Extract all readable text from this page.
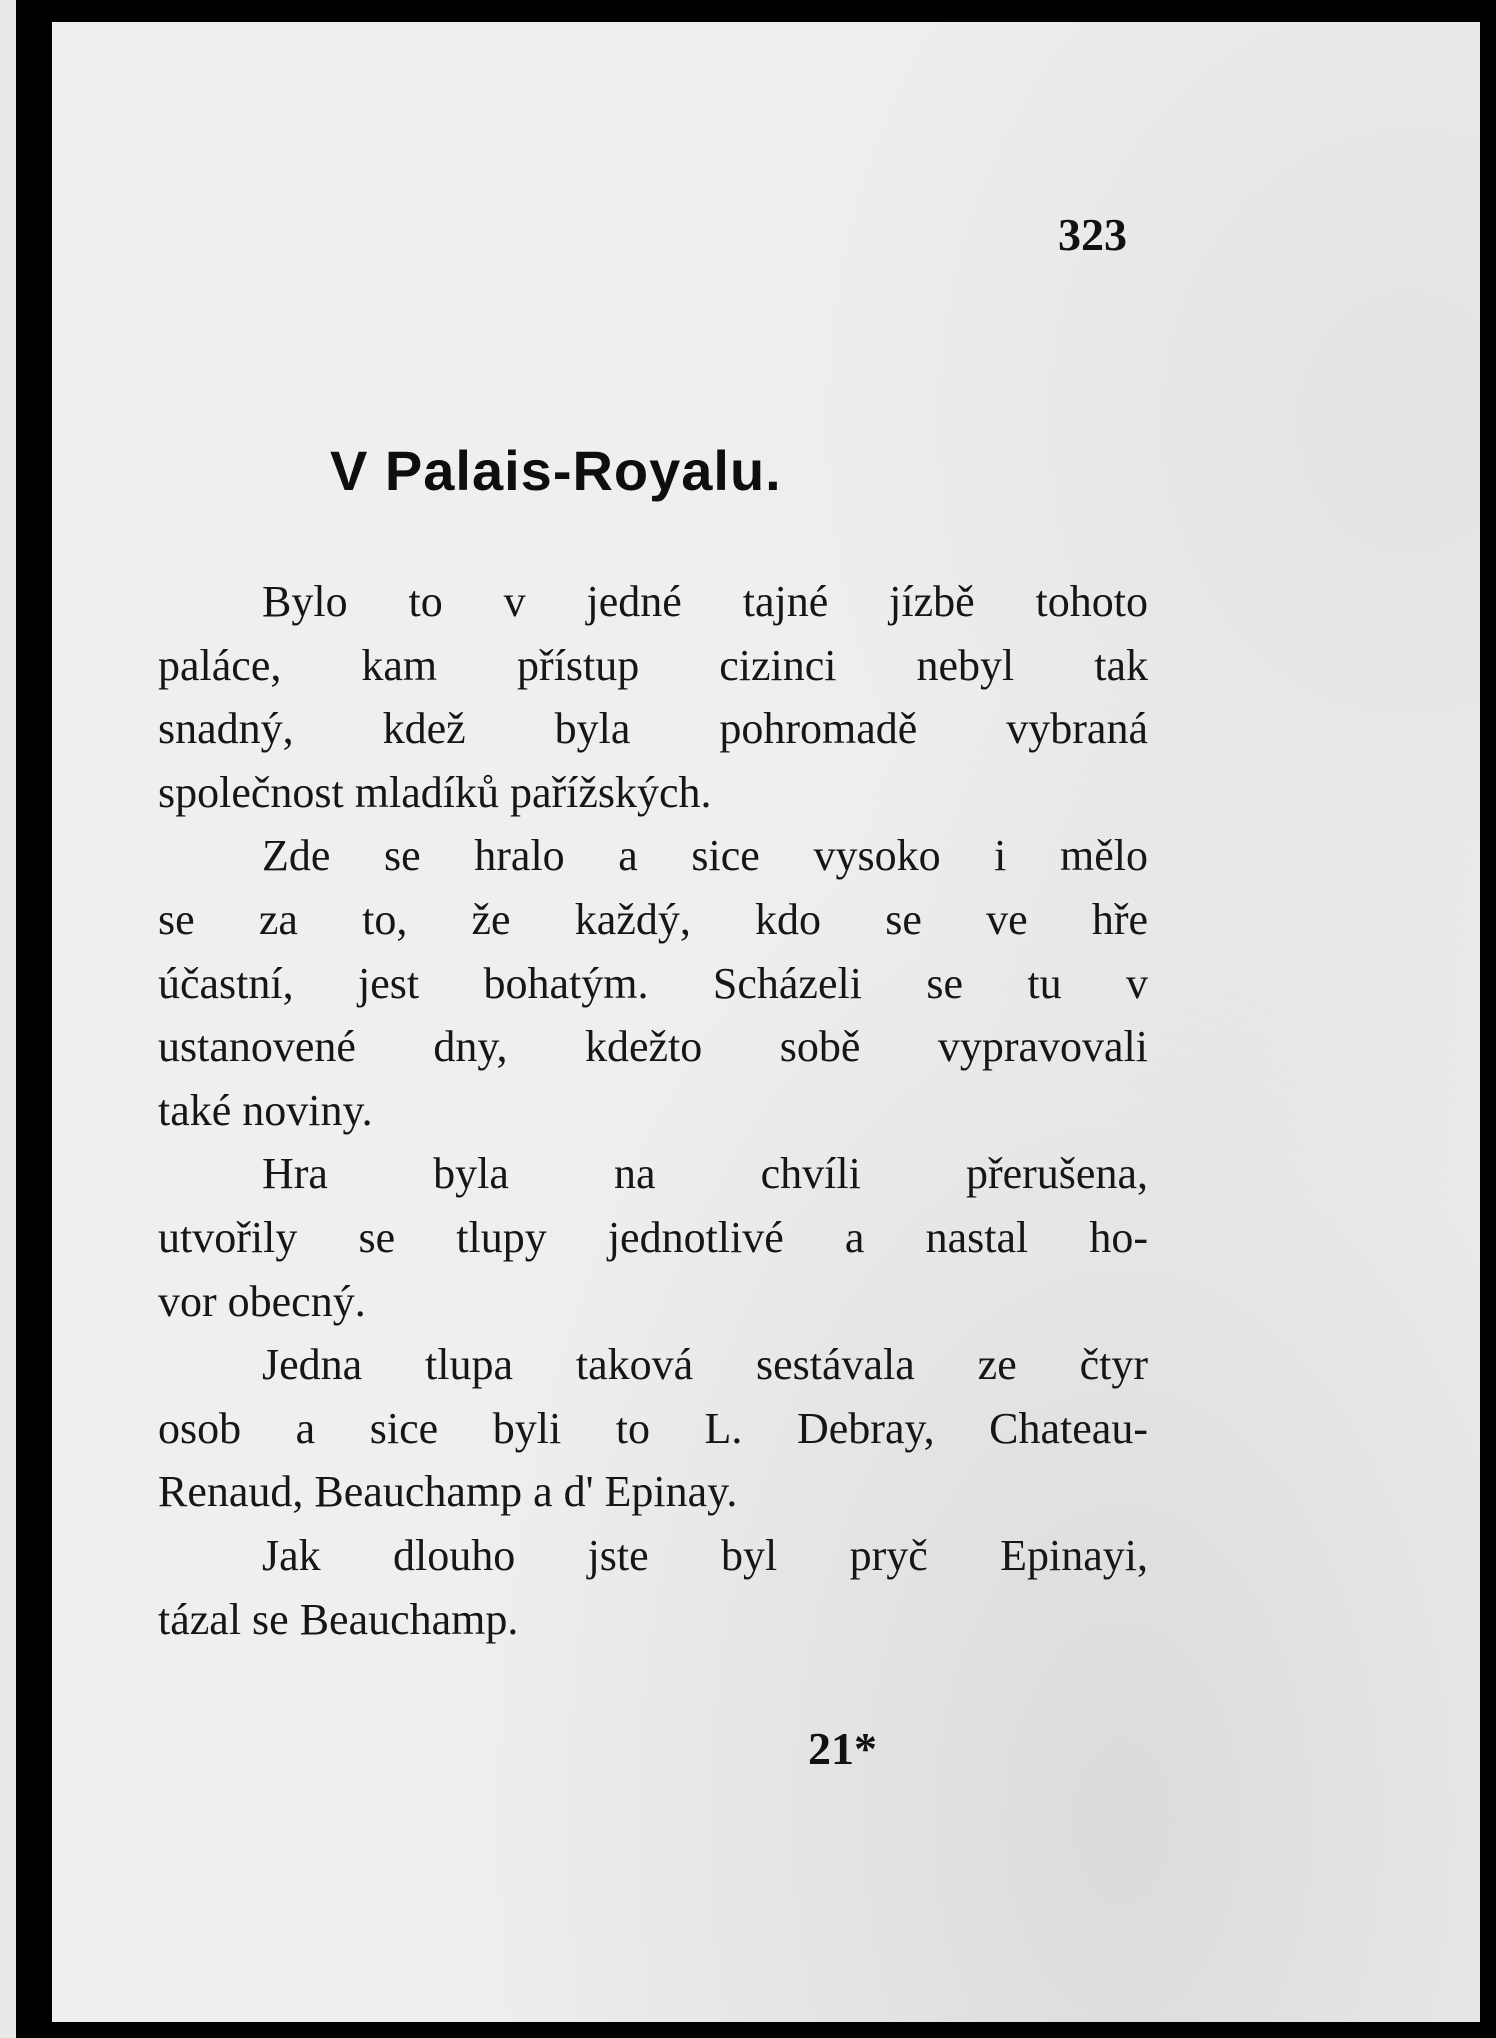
323
V Palais-Royalu.
Bylo to v jedné tajné jízbě tohoto
paláce, kam přístup cizinci nebyl tak
snadný, kdež byla pohromadě vybraná
společnost mladíků pařížských.
Zde se hralo a sice vysoko i mělo
se za to, že každý, kdo se ve hře
účastní, jest bohatým. Scházeli se tu v
ustanovené dny, kdežto sobě vypravovali
také noviny.
Hra byla na chvíli přerušena,
utvořily se tlupy jednotlivé a nastal ho-
vor obecný.
Jedna tlupa taková sestávala ze čtyr
osob a sice byli to L. Debray, Chateau-
Renaud, Beauchamp a d' Epinay.
Jak dlouho jste byl pryč Epinayi,
tázal se Beauchamp.
21*
